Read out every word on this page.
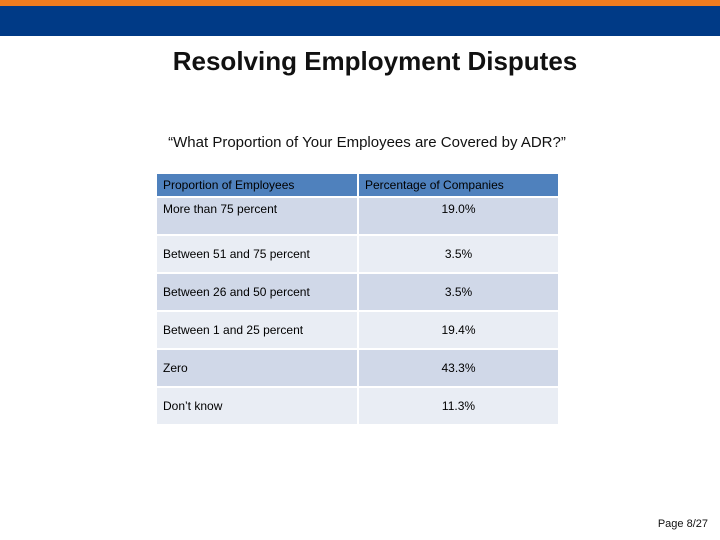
Resolving Employment Disputes
“What Proportion of Your Employees are Covered by ADR?”
Proportion of Employees	Percentage of Companies
More than 75 percent	19.0%
Between 51 and 75 percent	3.5%
Between 26 and 50 percent	3.5%
Between 1 and 25 percent	19.4%
Zero	43.3%
Don’t know	11.3%
Page 8/27
